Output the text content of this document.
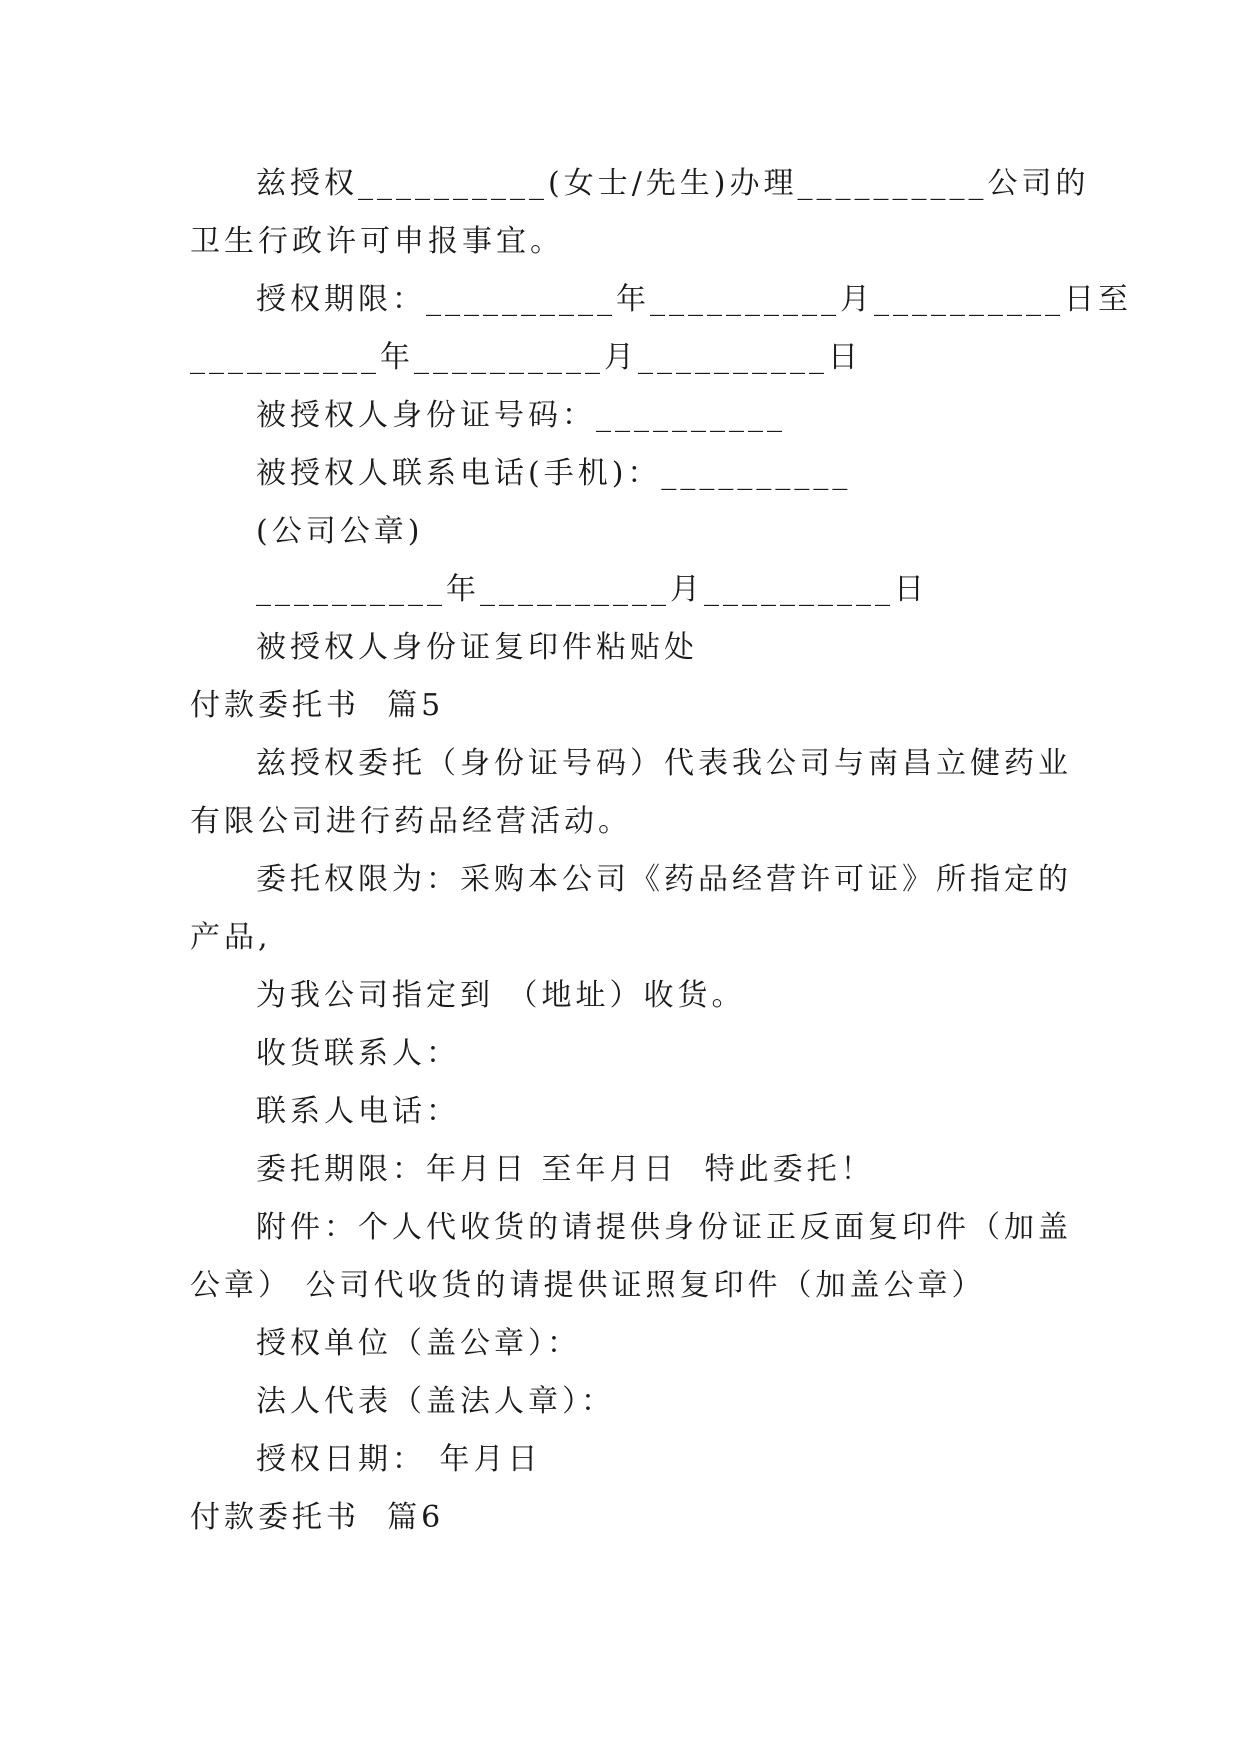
兹授权__________(女士/先生)办理__________公司的
卫生行政许可申报事宜。
授权期限：__________年__________月__________日至
__________年__________月__________日
被授权人身份证号码：__________
被授权人联系电话(手机)：__________
(公司公章)
__________年__________月__________日
被授权人身份证复印件粘贴处
付款委托书  篇5
兹授权委托（身份证号码）代表我公司与南昌立健药业
有限公司进行药品经营活动。
委托权限为：采购本公司《药品经营许可证》所指定的
产品,
为我公司指定到 （地址）收货。
收货联系人：
联系人电话：
委托期限：年月日 至年月日  特此委托！
附件：个人代收货的请提供身份证正反面复印件（加盖
公章） 公司代收货的请提供证照复印件（加盖公章）
授权单位（盖公章）：
法人代表（盖法人章）：
授权日期： 年月日
付款委托书  篇6
